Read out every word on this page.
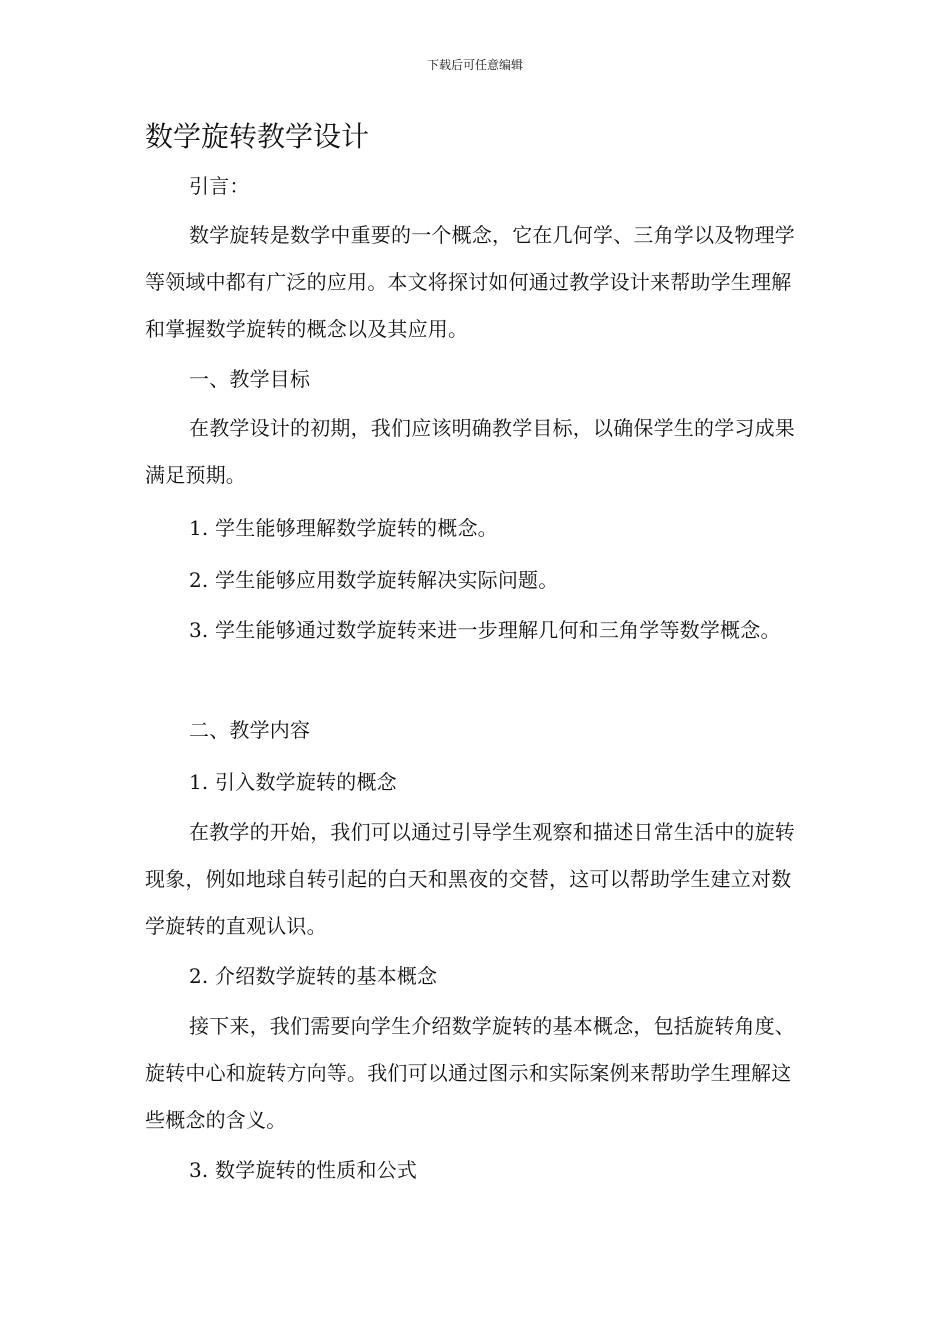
下载后可任意编辑
数学旋转教学设计

引言：

数学旋转是数学中重要的一个概念，它在几何学、三角学以及物理学等领域中都有广泛的应用。本文将探讨如何通过教学设计来帮助学生理解和掌握数学旋转的概念以及其应用。

一、教学目标

在教学设计的初期，我们应该明确教学目标，以确保学生的学习成果满足预期。

1. 学生能够理解数学旋转的概念。

2. 学生能够应用数学旋转解决实际问题。

3. 学生能够通过数学旋转来进一步理解几何和三角学等数学概念。

二、教学内容

1. 引入数学旋转的概念

在教学的开始，我们可以通过引导学生观察和描述日常生活中的旋转现象，例如地球自转引起的白天和黑夜的交替，这可以帮助学生建立对数学旋转的直观认识。

2. 介绍数学旋转的基本概念

接下来，我们需要向学生介绍数学旋转的基本概念，包括旋转角度、旋转中心和旋转方向等。我们可以通过图示和实际案例来帮助学生理解这些概念的含义。

3. 数学旋转的性质和公式
